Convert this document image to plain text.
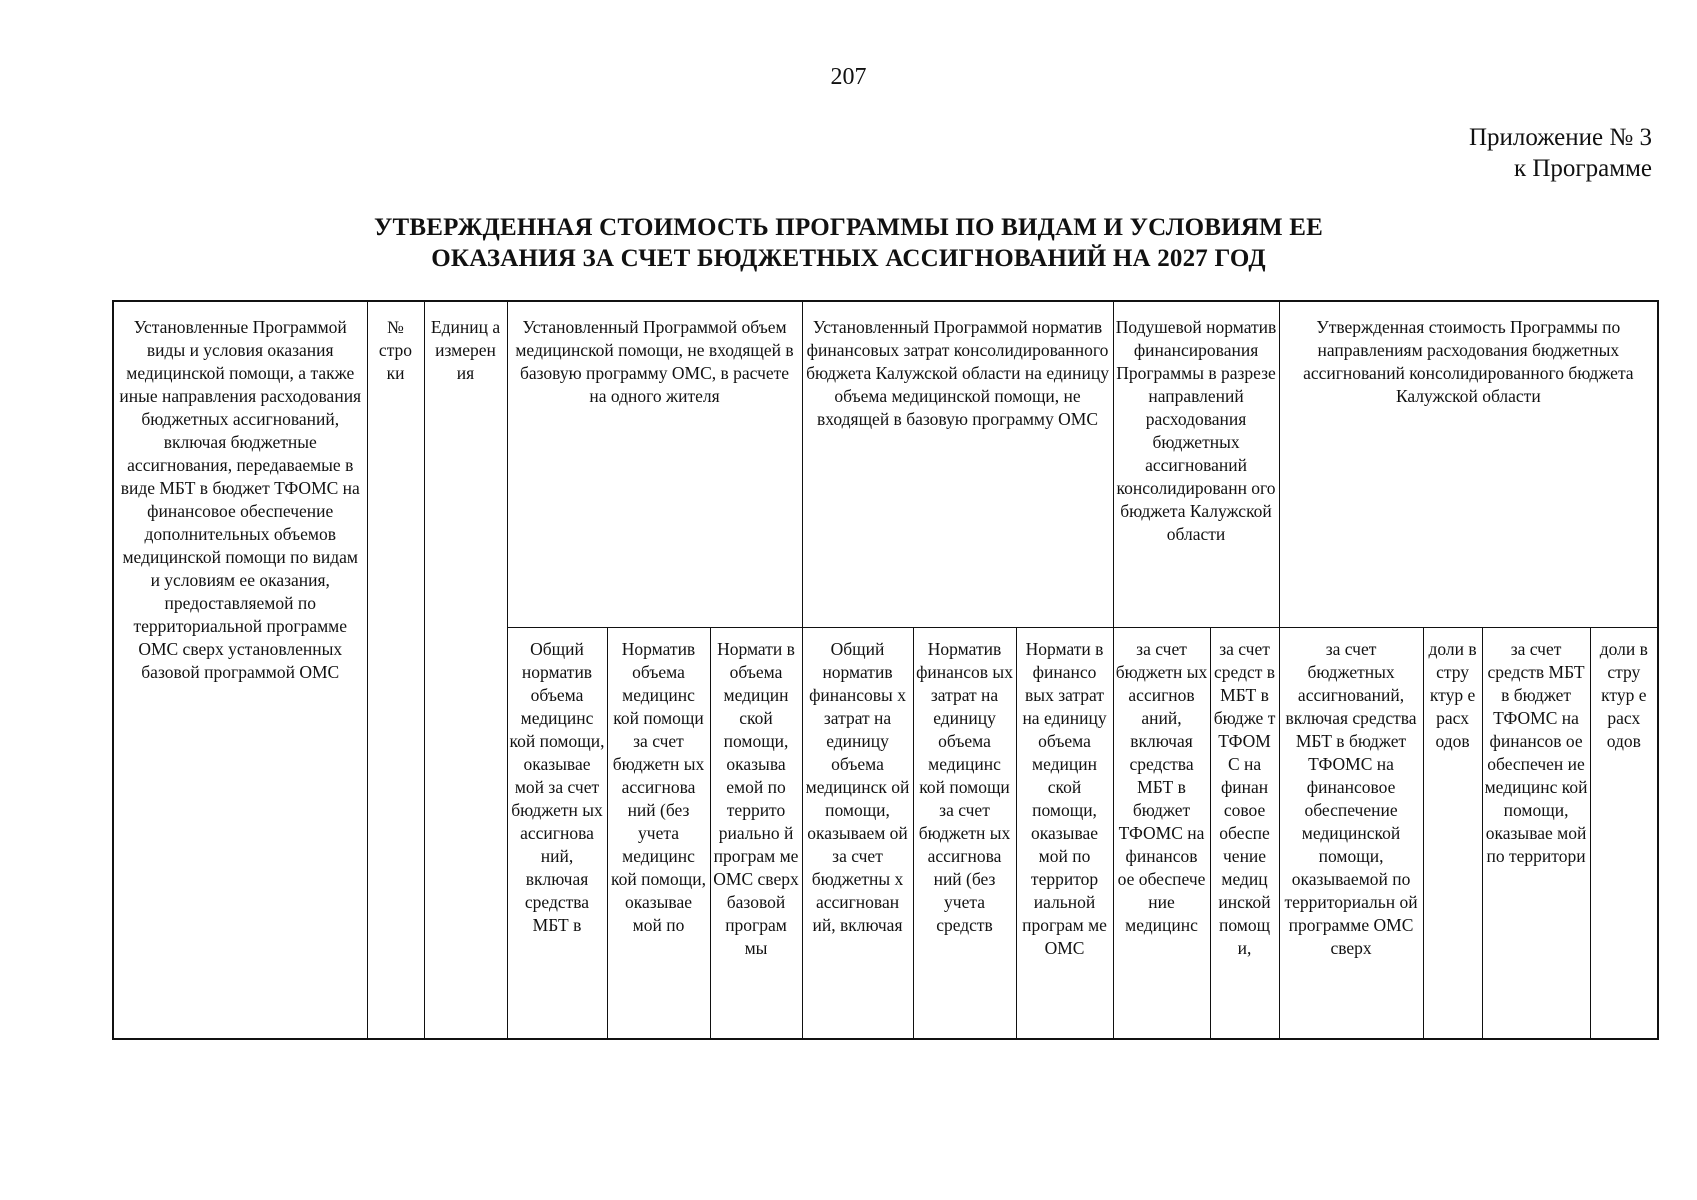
207
Приложение № 3
к Программе
УТВЕРЖДЕННАЯ СТОИМОСТЬ ПРОГРАММЫ ПО ВИДАМ И УСЛОВИЯМ ЕЕ
ОКАЗАНИЯ ЗА СЧЕТ БЮДЖЕТНЫХ АССИГНОВАНИЙ НА 2027 ГОД
Установленные Программой виды и условия оказания медицинской помощи, а также иные направления расходования бюджетных ассигнований, включая бюджетные ассигнования, передаваемые в виде МБТ в бюджет ТФОМС на финансовое обеспечение дополнительных объемов медицинской помощи по видам и условиям ее оказания, предоставляемой по территориальной программе ОМС сверх установленных базовой программой ОМС	№ стро ки	Единиц а измерен ия	Установленный Программой объем медицинской помощи, не входящей в базовую программу ОМС, в расчете на одного жителя			Установленный Программой норматив финансовых затрат консолидированного бюджета Калужской области на единицу объема медицинской помощи, не входящей в базовую программу ОМС			Подушевой норматив финансирования Программы в разрезе направлений расходования бюджетных ассигнований консолидированн ого бюджета Калужской области		Утвержденная стоимость Программы по направлениям расходования бюджетных ассигнований консолидированного бюджета Калужской области			

			Общий норматив объема медицинс кой помощи, оказывае мой за счет бюджетн ых ассигнова ний, включая средства МБТ в	Норматив объема медицинс кой помощи за счет бюджетн ых ассигнова ний (без учета медицинс кой помощи, оказывае мой по	Нормати в объема медицин ской помощи, оказыва емой по террито риально й програм ме ОМС сверх базовой програм мы	Общий норматив финансовы х затрат на единицу объема медицинск ой помощи, оказываем ой за счет бюджетны х ассигнован ий, включая	Норматив финансов ых затрат на единицу объема медицинс кой помощи за счет бюджетн ых ассигнова ний (без учета средств	Нормати в финансо вых затрат на единицу объема медицин ской помощи, оказывае мой по территор иальной програм ме ОМС	за счет бюджетн ых ассигнов аний, включая средства МБТ в бюджет ТФОМС на финансов ое обеспече ние медицинс	за счет средст в МБТ в бюдже т ТФОМ С на финан совое обеспе чение медиц инской помощ и,	за счет бюджетных ассигнований, включая средства МБТ в бюджет ТФОМС на финансовое обеспечение медицинской помощи, оказываемой по территориальн ой программе ОМС сверх	доли в стру ктур е расх одов	за счет средств МБТ в бюджет ТФОМС на финансов ое обеспечен ие медицинс кой помощи, оказывае мой по территори	доли в стру ктур е расх одов
